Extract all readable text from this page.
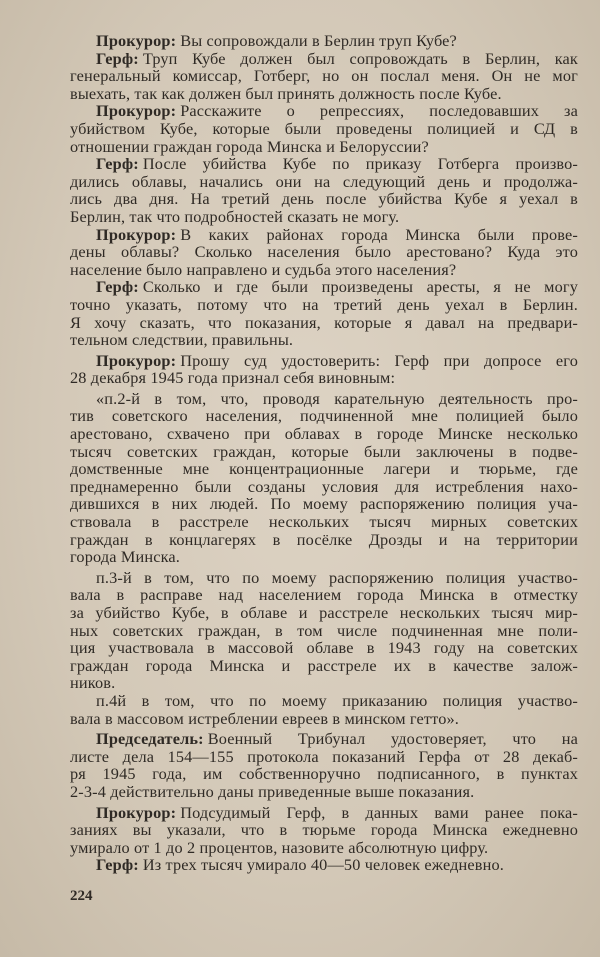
Прокурор: Вы сопровождали в Берлин труп Кубе?
Герф: Труп Кубе должен был сопровождать в Берлин, как
генеральный комиссар, Готберг, но он послал меня. Он не мог
выехать, так как должен был принять должность после Кубе.
Прокурор: Расскажите о репрессиях, последовавших за
убийством Кубе, которые были проведены полицией и СД в
отношении граждан города Минска и Белоруссии?
Герф: После убийства Кубе по приказу Готберга произво-
дились облавы, начались они на следующий день и продолжа-
лись два дня. На третий день после убийства Кубе я уехал в
Берлин, так что подробностей сказать не могу.
Прокурор: В каких районах города Минска были прове-
дены облавы? Сколько населения было арестовано? Куда это
население было направлено и судьба этого населения?
Герф: Сколько и где были произведены аресты, я не могу
точно указать, потому что на третий день уехал в Берлин.
Я хочу сказать, что показания, которые я давал на предвари-
тельном следствии, правильны.
Прокурор: Прошу суд удостоверить: Герф при допросе его
28 декабря 1945 года признал себя виновным:
«п.2-й в том, что, проводя карательную деятельность про-
тив советского населения, подчиненной мне полицией было
арестовано, схвачено при облавах в городе Минске несколько
тысяч советских граждан, которые были заключены в подве-
домственные мне концентрационные лагери и тюрьме, где
преднамеренно были созданы условия для истребления нахо-
дившихся в них людей. По моему распоряжению полиция уча-
ствовала в расстреле нескольких тысяч мирных советских
граждан в концлагерях в посёлке Дрозды и на территории
города Минска.
п.3-й в том, что по моему распоряжению полиция участво-
вала в расправе над населением города Минска в отместку
за убийство Кубе, в облаве и расстреле нескольких тысяч мир-
ных советских граждан, в том числе подчиненная мне поли-
ция участвовала в массовой облаве в 1943 году на советских
граждан города Минска и расстреле их в качестве залож-
ников.
п.4й в том, что по моему приказанию полиция участво-
вала в массовом истреблении евреев в минском гетто».
Председатель: Военный Трибунал удостоверяет, что на
листе дела 154—155 протокола показаний Герфа от 28 декаб-
ря 1945 года, им собственноручно подписанного, в пунктах
2-3-4 действительно даны приведенные выше показания.
Прокурор: Подсудимый Герф, в данных вами ранее пока-
заниях вы указали, что в тюрьме города Минска ежедневно
умирало от 1 до 2 процентов, назовите абсолютную цифру.
Герф: Из трех тысяч умирало 40—50 человек ежедневно.
224
